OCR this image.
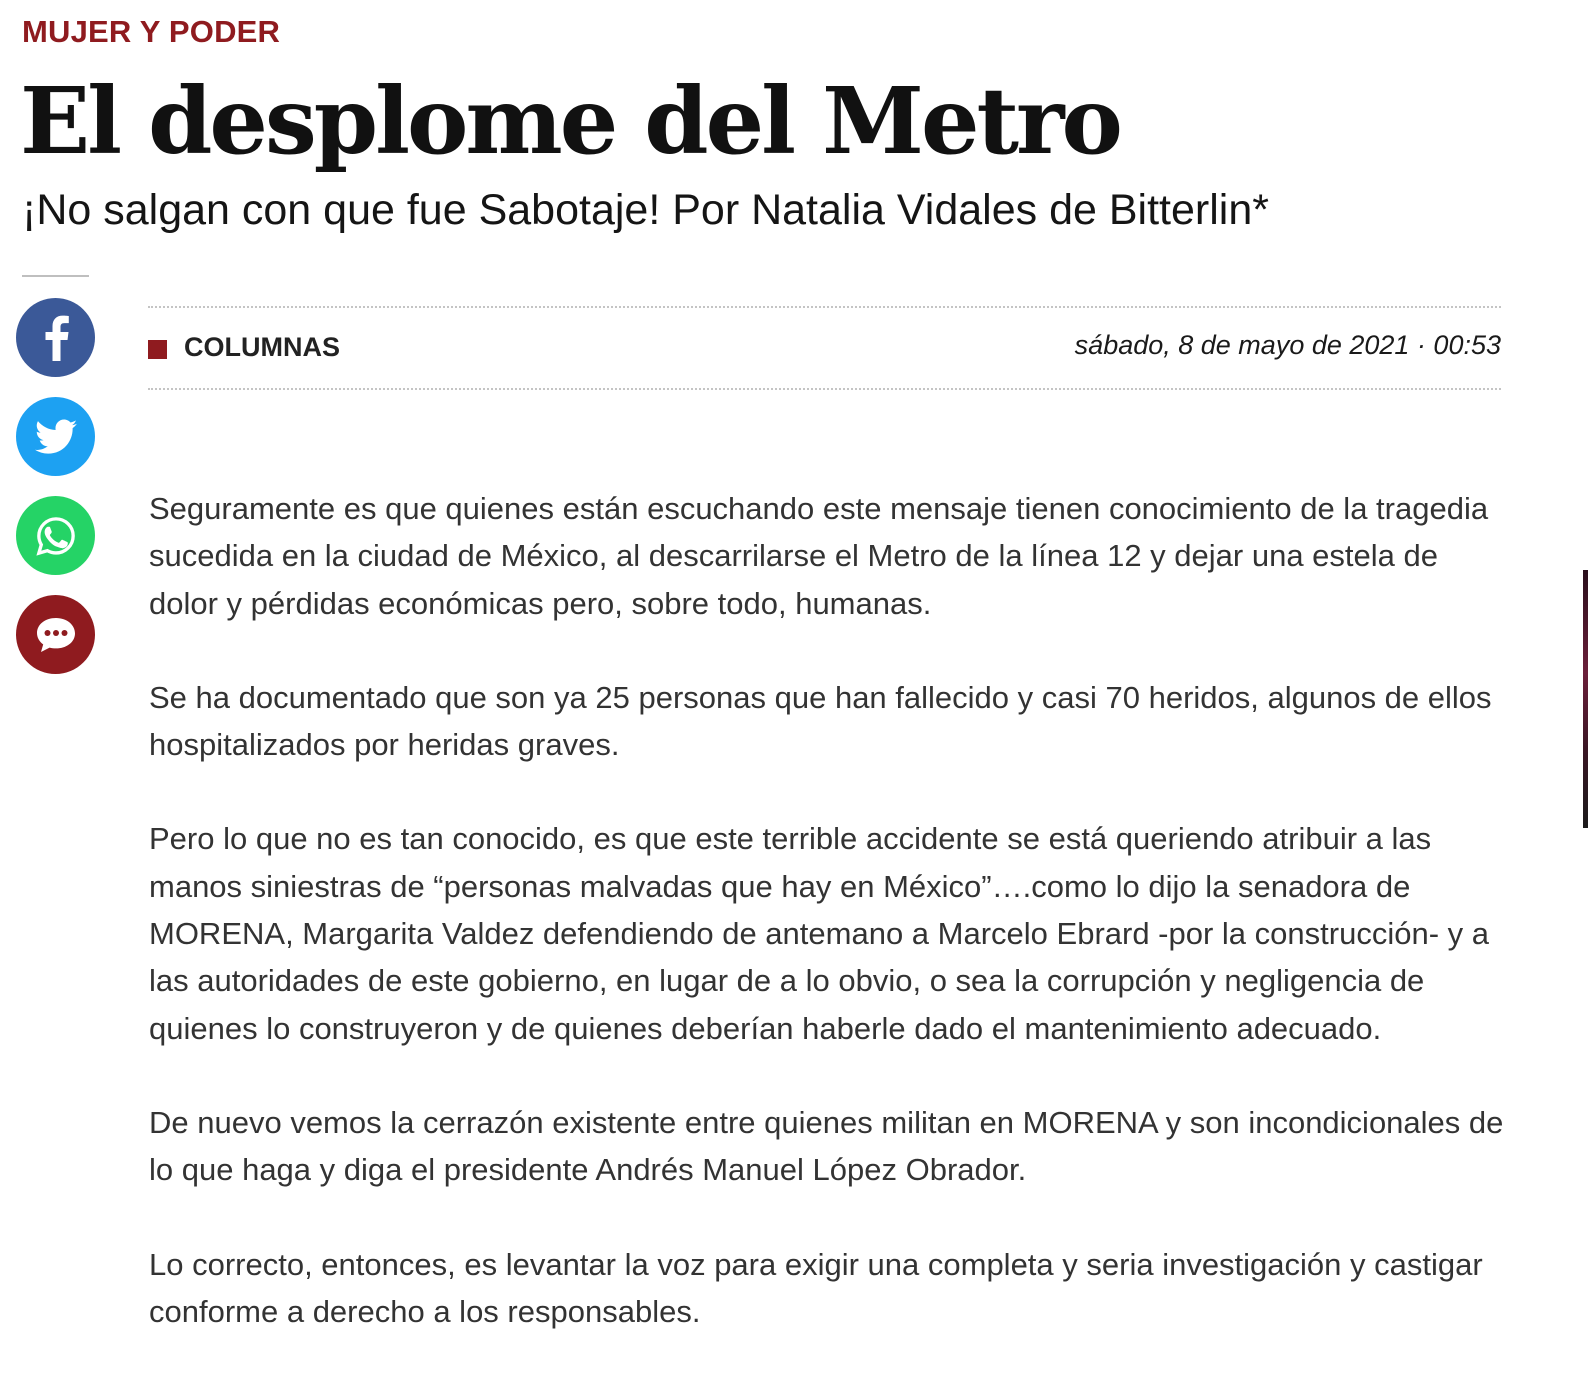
MUJER Y PODER
El desplome del Metro
¡No salgan con que fue Sabotaje! Por Natalia Vidales de Bitterlin*
COLUMNAS	sábado, 8 de mayo de 2021 · 00:53

Seguramente es que quienes están escuchando este mensaje tienen conocimiento de la tragedia sucedida en la ciudad de México, al descarrilarse el Metro de la línea 12 y dejar una estela de dolor y pérdidas económicas pero, sobre todo, humanas.

Se ha documentado que son ya 25 personas que han fallecido y casi 70 heridos, algunos de ellos hospitalizados por heridas graves.

Pero lo que no es tan conocido, es que este terrible accidente se está queriendo atribuir a las manos siniestras de “personas malvadas que hay en México”….como lo dijo la senadora de MORENA, Margarita Valdez defendiendo de antemano a Marcelo Ebrard -por la construcción- y a las autoridades de este gobierno, en lugar de a lo obvio, o sea la corrupción y negligencia de quienes lo construyeron y de quienes deberían haberle dado el mantenimiento adecuado.

De nuevo vemos la cerrazón existente entre quienes militan en MORENA y son incondicionales de lo que haga y diga el presidente Andrés Manuel López Obrador.

Lo correcto, entonces, es levantar la voz para exigir una completa y seria investigación y castigar conforme a derecho a los responsables.
